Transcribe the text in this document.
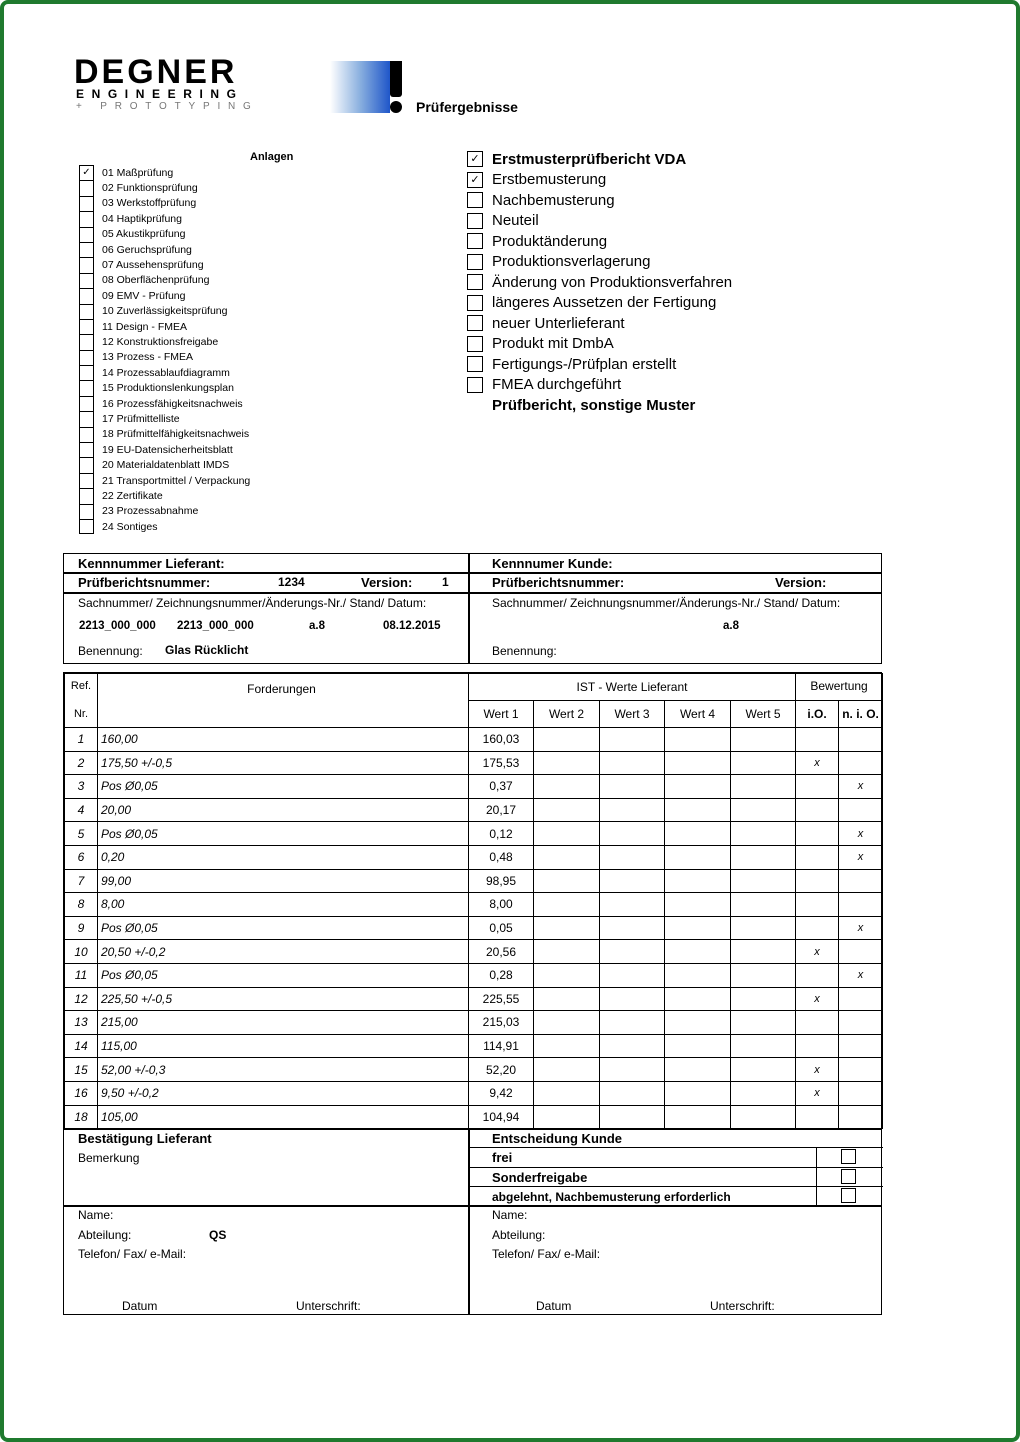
DEGNER
ENGINEERING
+ PROTOTYPING	Prüfergebnisse
Anlagen
✓	01 Maßprüfung
02 Funktionsprüfung
03 Werkstoffprüfung
04 Haptikprüfung
05 Akustikprüfung
06 Geruchsprüfung
07 Aussehensprüfung
08 Oberflächenprüfung
09 EMV - Prüfung
10 Zuverlässigkeitsprüfung
11 Design - FMEA
12 Konstruktionsfreigabe
13 Prozess - FMEA
14 Prozessablaufdiagramm
15 Produktionslenkungsplan
16 Prozessfähigkeitsnachweis
17 Prüfmittelliste
18 Prüfmittelfähigkeitsnachweis
19 EU-Datensicherheitsblatt
20 Materialdatenblatt IMDS
21 Transportmittel / Verpackung
22 Zertifikate
23 Prozessabnahme
24 Sontiges
✓ Erstmusterprüfbericht VDA
✓ Erstbemusterung
Nachbemusterung
Neuteil
Produktänderung
Produktionsverlagerung
Änderung von Produktionsverfahren
längeres Aussetzen der Fertigung
neuer Unterlieferant
Produkt mit DmbA
Fertigungs-/Prüfplan erstellt
FMEA durchgeführt
Prüfbericht, sonstige Muster
Kennnummer Lieferant:
Prüfberichtsnummer:	1234	Version: 1
Sachnummer/ Zeichnungsnummer/Änderungs-Nr./ Stand/ Datum:
2213_000_000 2213_000_000	a.8	08.12.2015
Benennung: Glas Rücklicht
Kennnumer Kunde:
Prüfberichtsnummer:	Version:
Sachnummer/ Zeichnungsnummer/Änderungs-Nr./ Stand/ Datum:
a.8
Benennung:
Ref.	Forderungen	IST - Werte Lieferant					Bewertung	
Nr.		Wert 1	Wert 2	Wert 3	Wert 4	Wert 5	i.O.	n. i. O.
1	160,00	160,03						
2	175,50 +/-0,5	175,53					x	
3	Pos Ø0,05	0,37						x
4	20,00	20,17						
5	Pos Ø0,05	0,12						x
6	0,20	0,48						x
7	99,00	98,95						
8	8,00	8,00						
9	Pos Ø0,05	0,05						x
10	20,50 +/-0,2	20,56					x	
11	Pos Ø0,05	0,28						x
12	225,50 +/-0,5	225,55					x	
13	215,00	215,03						
14	115,00	114,91						
15	52,00 +/-0,3	52,20					x	
16	9,50 +/-0,2	9,42					x	
18	105,00	104,94						
Bestätigung Lieferant
Bemerkung
Name:
Abteilung:	QS
Telefon/ Fax/ e-Mail:
Datum	Unterschrift:
Entscheidung Kunde
frei
Sonderfreigabe
abgelehnt, Nachbemusterung erforderlich
Name:
Abteilung:
Telefon/ Fax/ e-Mail:
Datum	Unterschrift:
